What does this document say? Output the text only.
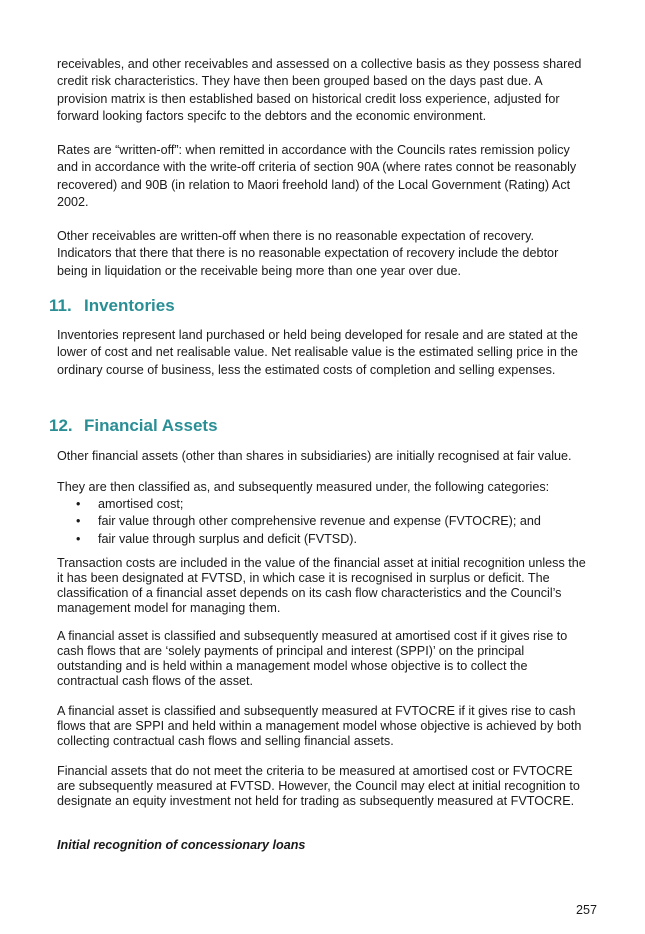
receivables, and other receivables and assessed on a collective basis as they possess shared credit risk characteristics. They have then been grouped based on the days past due. A provision matrix is then established based on historical credit loss experience, adjusted for forward looking factors specifc to the debtors and the economic environment.

Rates are “written-off”: when remitted in accordance with the Councils rates remission policy and in accordance with the write-off criteria of section 90A (where rates connot be reasonably recovered) and 90B (in relation to Maori freehold land) of the Local Government (Rating) Act 2002.

Other receivables are written-off when there is no reasonable expectation of recovery. Indicators that there that there is no reasonable expectation of recovery include the debtor being in liquidation or the receivable being more than one year over due.

11. Inventories

Inventories represent land purchased or held being developed for resale and are stated at the lower of cost and net realisable value. Net realisable value is the estimated selling price in the ordinary course of business, less the estimated costs of completion and selling expenses.

12. Financial Assets

Other financial assets (other than shares in subsidiaries) are initially recognised at fair value.

They are then classified as, and subsequently measured under, the following categories:

• amortised cost;
• fair value through other comprehensive revenue and expense (FVTOCRE); and
• fair value through surplus and deficit (FVTSD).

Transaction costs are included in the value of the financial asset at initial recognition unless the it has been designated at FVTSD, in which case it is recognised in surplus or deficit. The classification of a financial asset depends on its cash flow characteristics and the Council’s management model for managing them.

A financial asset is classified and subsequently measured at amortised cost if it gives rise to cash flows that are ‘solely payments of principal and interest (SPPI)’ on the principal outstanding and is held within a management model whose objective is to collect the contractual cash flows of the asset.

A financial asset is classified and subsequently measured at FVTOCRE if it gives rise to cash flows that are SPPI and held within a management model whose objective is achieved by both collecting contractual cash flows and selling financial assets.

Financial assets that do not meet the criteria to be measured at amortised cost or FVTOCRE are subsequently measured at FVTSD. However, the Council may elect at initial recognition to designate an equity investment not held for trading as subsequently measured at FVTOCRE.

Initial recognition of concessionary loans

257
